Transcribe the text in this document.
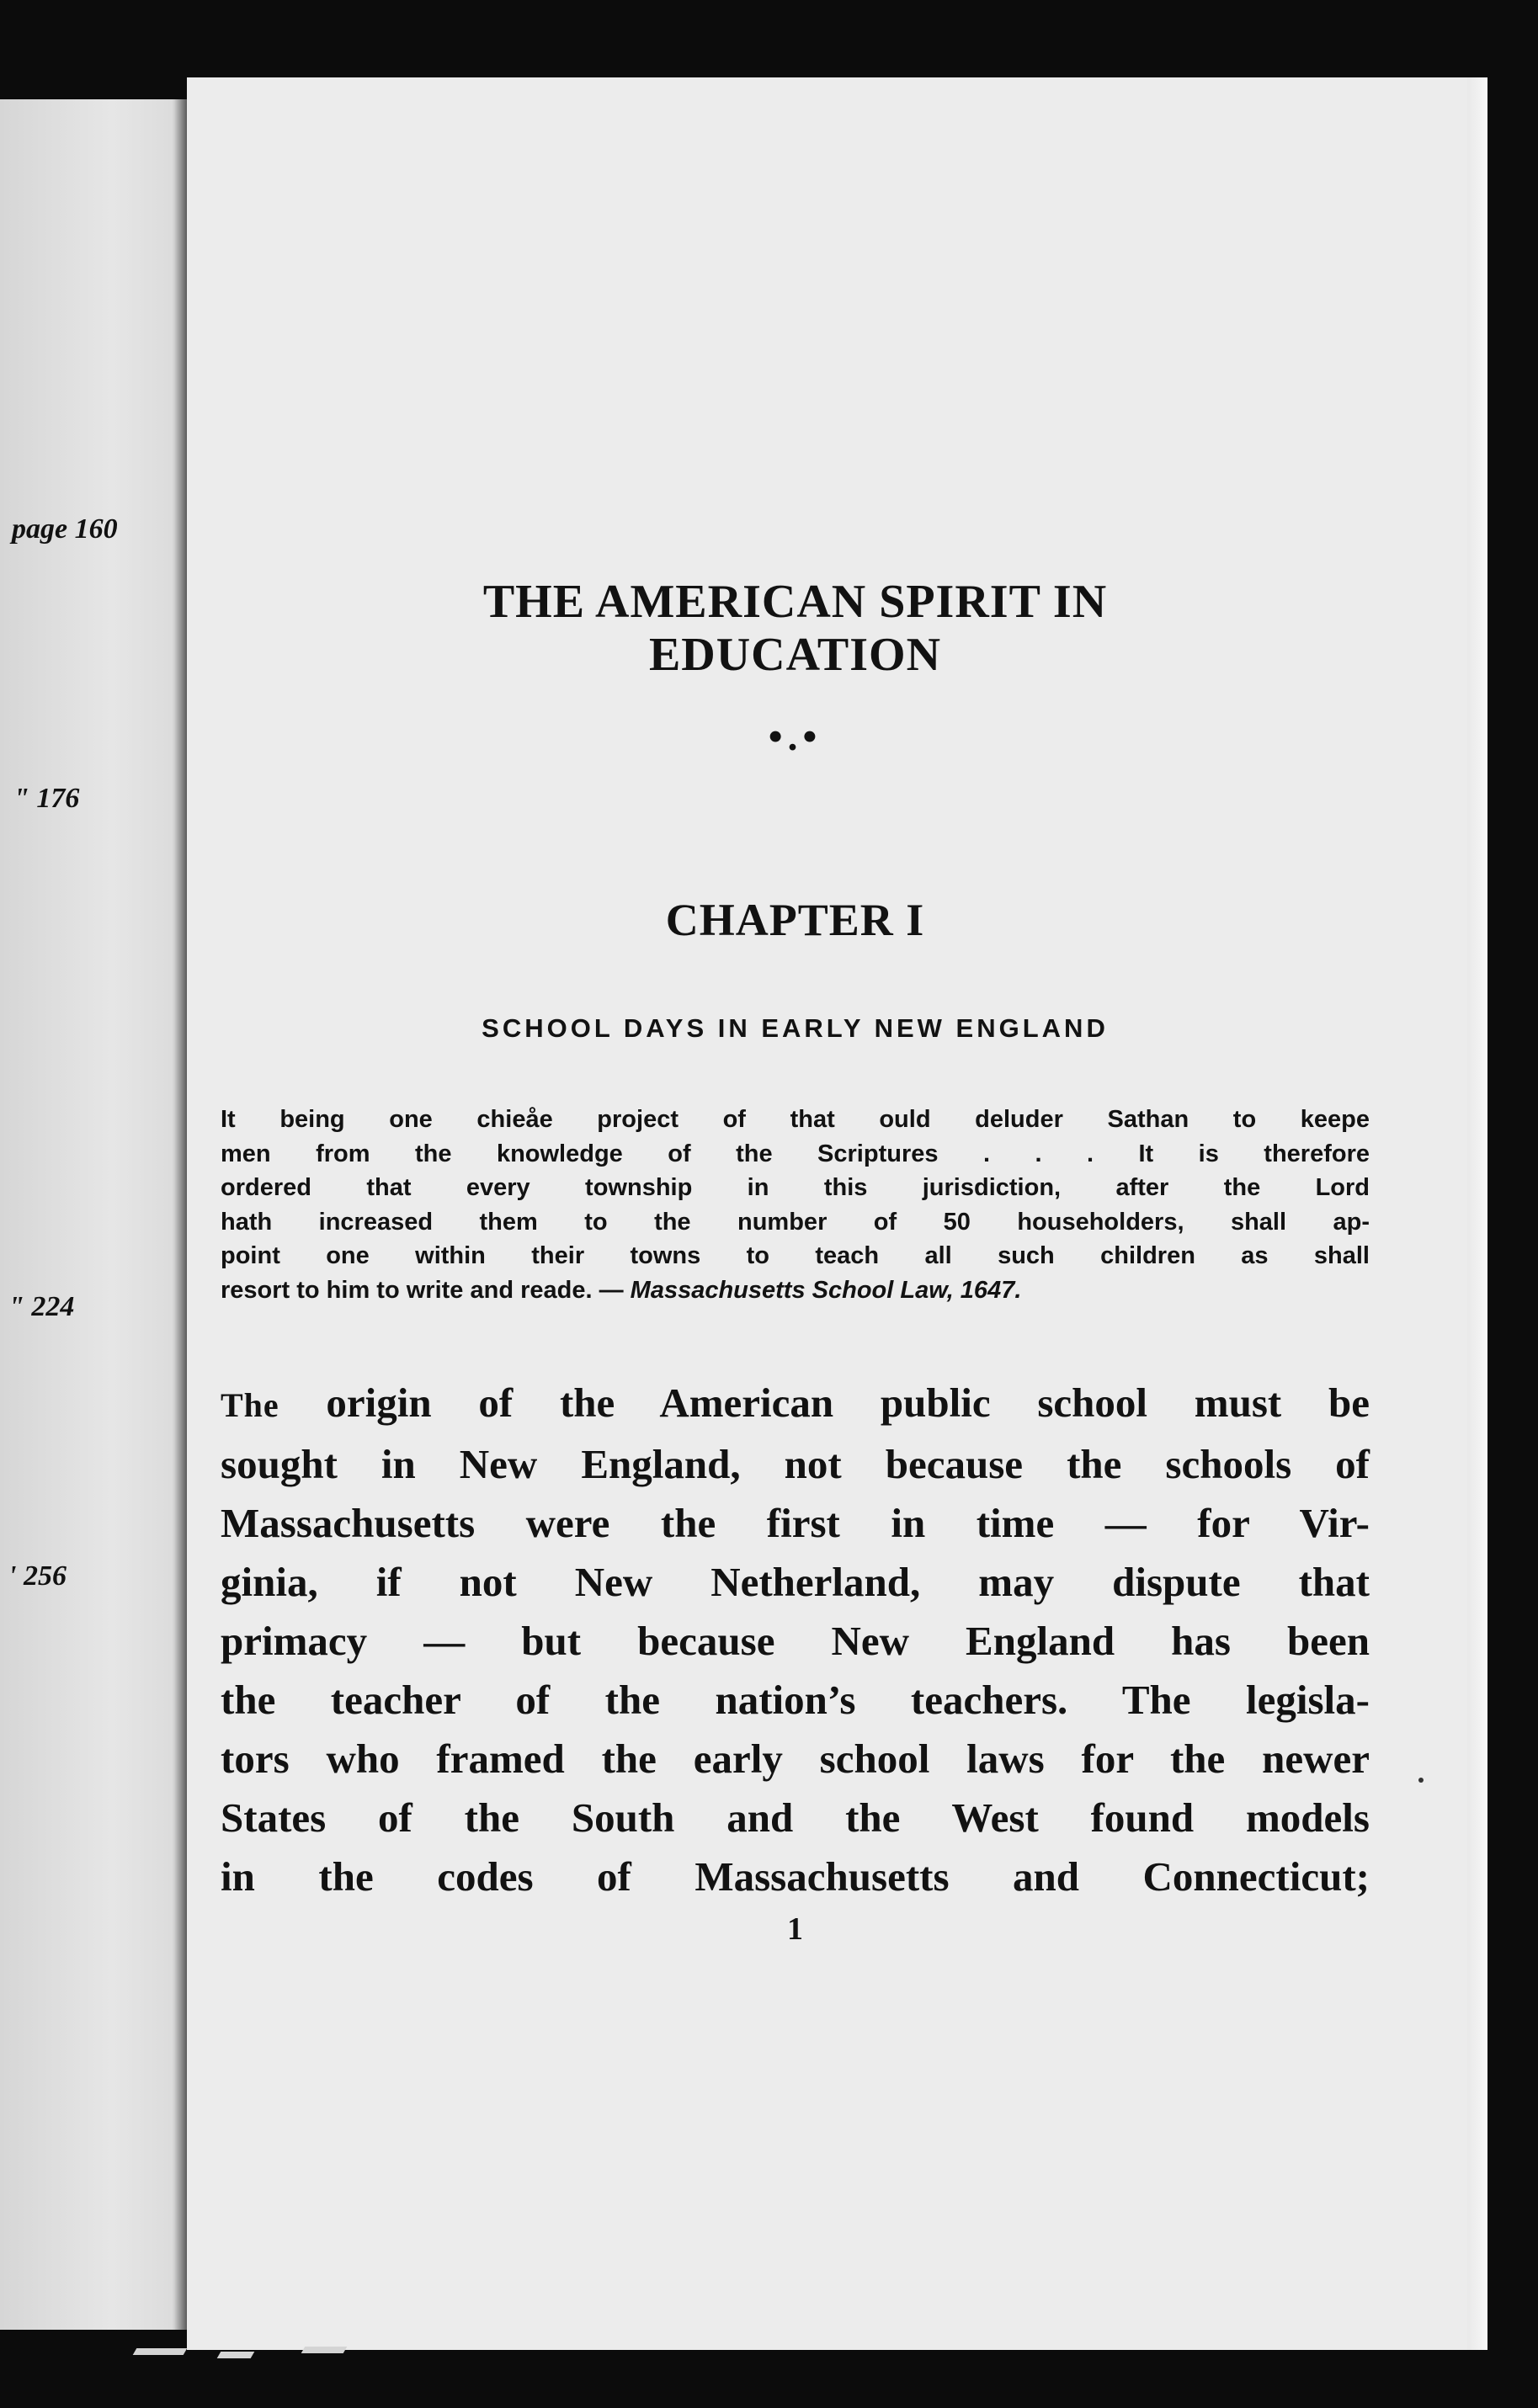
page 160
" 176
" 224
' 256
THE AMERICAN SPIRIT IN
EDUCATION
•.•
CHAPTER I
SCHOOL DAYS IN EARLY NEW ENGLAND
It being one chieåe project of that ould deluder Sathan to keepe
men from the knowledge of the Scriptures . . . It is therefore
ordered that every township in this jurisdiction, after the Lord
hath increased them to the number of 50 householders, shall ap-
point one within their towns to teach all such children as shall
resort to him to write and reade. — Massachusetts School Law, 1647.
The origin of the American public school must be
sought in New England, not because the schools of
Massachusetts were the first in time — for Vir-
ginia, if not New Netherland, may dispute that
primacy — but because New England has been
the teacher of the nation’s teachers. The legisla-
tors who framed the early school laws for the newer
States of the South and the West found models
in the codes of Massachusetts and Connecticut;
1
